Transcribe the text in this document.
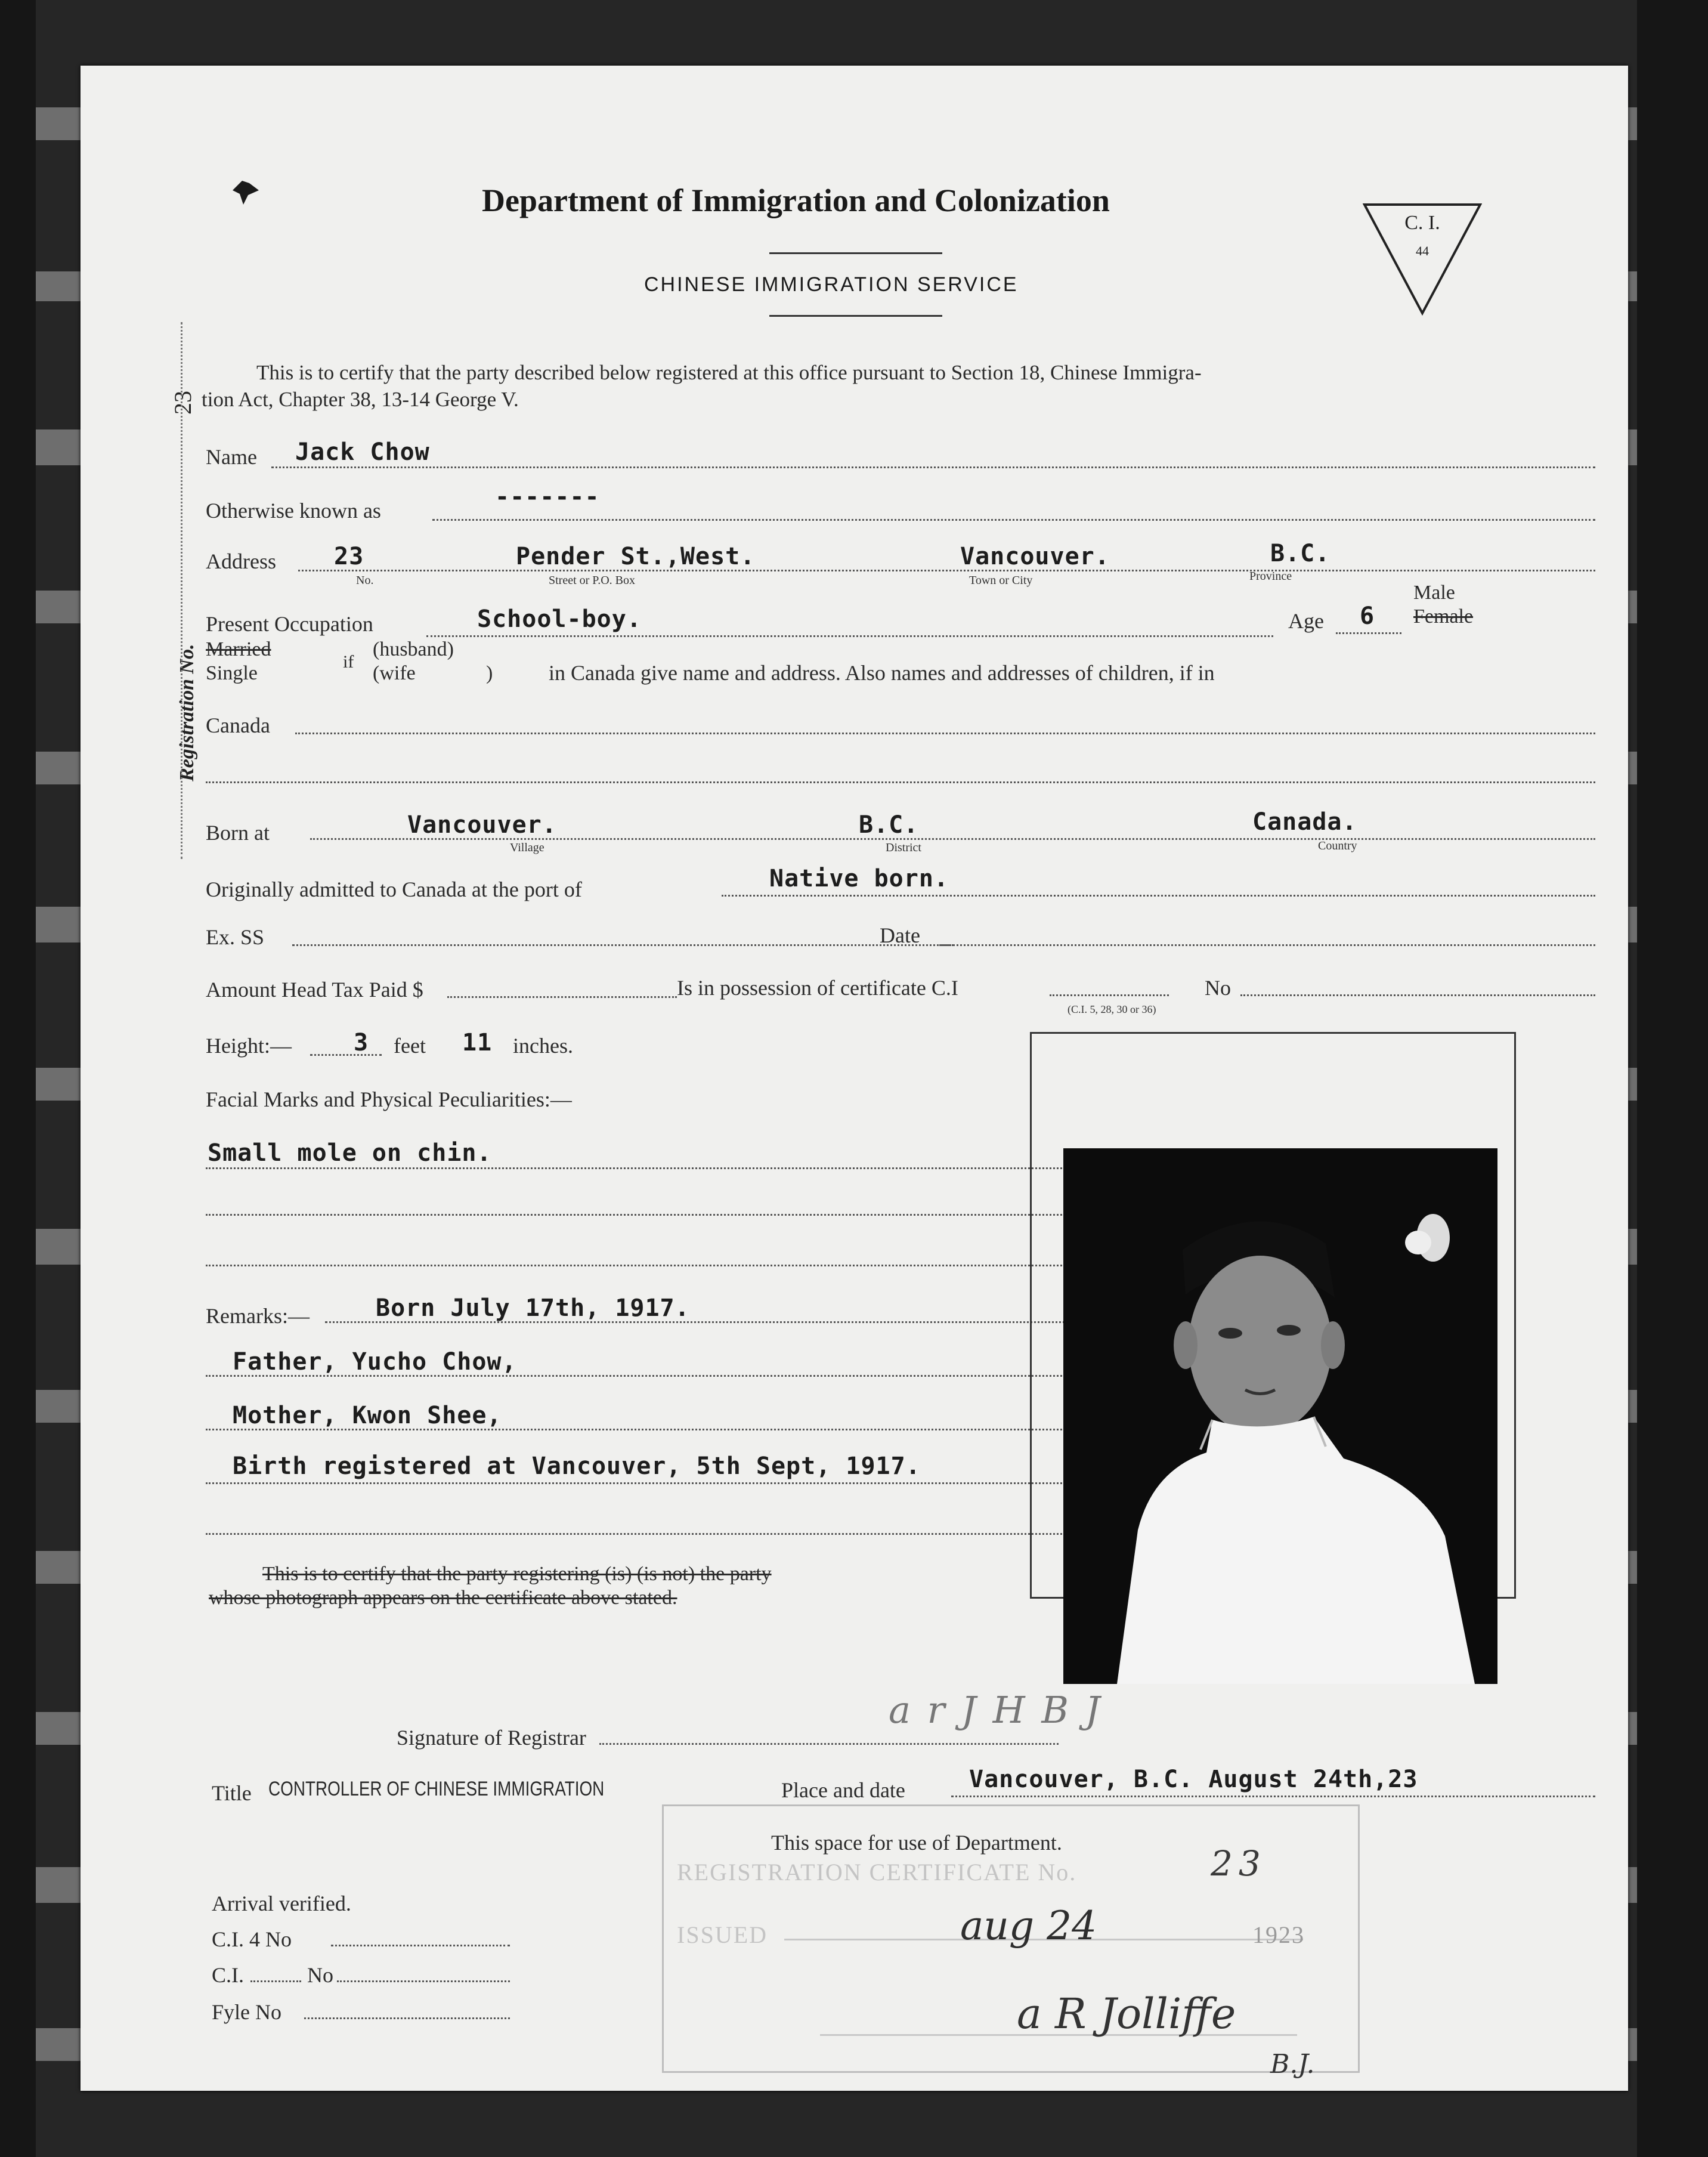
Department of Immigration and Colonization
CHINESE IMMIGRATION SERVICE
C. I.
44
Registration No.
23
This is to certify that the party described below registered at this office pursuant to Section 18, Chinese Immigra-
tion Act, Chapter 38, 13-14 George V.
Name Jack Chow
Otherwise known as	-------
Address 23	Pender St.,West.	Vancouver.	B.C.
No.	Street or P.O. Box	Town or City	Province
Present Occupation	School-boy.	Age 6
Male
Female
Married
Single
if
(husband)
(wife	)	in Canada give name and address. Also names and addresses of children, if in
Canada
Born at	Vancouver.	B.C.	Canada.
Village	District	Country
Originally admitted to Canada at the port of	Native born.
Ex. SS	Date
Amount Head Tax Paid $	Is in possession of certificate C.I	No
(C.I. 5, 28, 30 or 36)
Height:—	3 feet 11 inches.
Facial Marks and Physical Peculiarities:—
Small mole on chin.
Remarks:—	Born July 17th, 1917.
Father, Yucho Chow,
Mother, Kwon Shee,
Birth registered at Vancouver, 5th Sept, 1917.
This is to certify that the party registering (is) (is not) the party
whose photograph appears on the certificate above stated.
Signature of Registrar
a r J H B J
Title CONTROLLER OF CHINESE IMMIGRATION	Place and date	Vancouver, B.C. August 24th,23
This space for use of Department.
Arrival verified.
C.I. 4 No
C.I.	No
Fyle No
REGISTRATION CERTIFICATE No.	23
ISSUED	aug 24	1923
a R Jolliffe
B.J.
